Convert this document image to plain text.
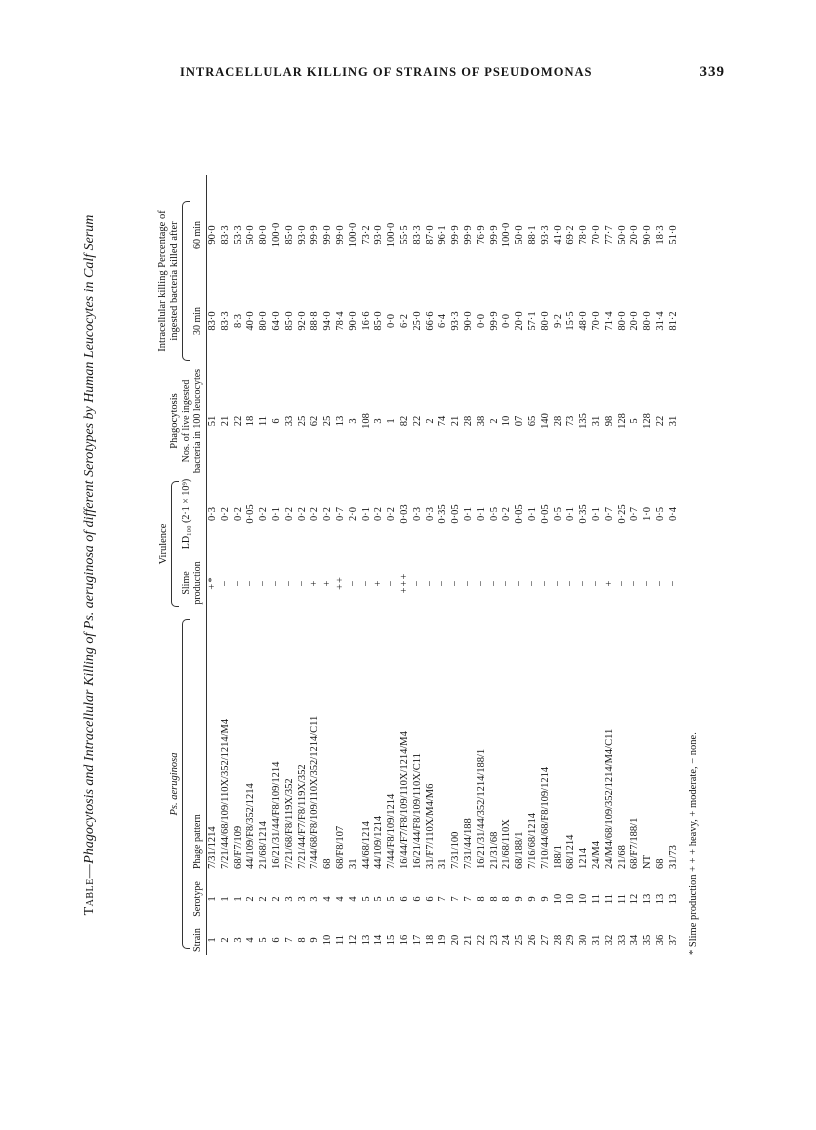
INTRACELLULAR KILLING OF STRAINS OF PSEUDOMONAS	339
Table—Phagocytosis and Intracellular Killing of Ps. aeruginosa of different Serotypes by Human Leucocytes in Calf Serum	Ps. aeruginosa
Strain
Serotype
Phage pattern
Virulence
Slime production
LD₁₀₀ (2·1 × 10⁹)
Phagocytosis Nos. of live ingested bacteria in 100 leucocytes
Intracellular killing Percentage of ingested bacteria killed after 30 min
60 min
1
1
7/31/1214
+*
0·3
51
83·0
90·0
2
1
7/21/44/68/109/110X/352/1214/M4
−
0·2
21
83·3
83·3
3
1
68/F7/109
−
0·2
22
8·3
53·3
4
2
44/109/F8/352/1214
−
0·05
18
40·0
50·0
5
2
21/68/1214
−
0·2
11
80·0
80·0
6
2
16/21/31/44/F8/109/1214
−
0·1
6
64·0
100·0
7
3
7/21/68/F8/119X/352
−
0·2
33
85·0
85·0
8
3
7/21/44/F7/F8/119X/352
−
0·2
25
92·0
93·0
9
3
7/44/68/F8/109/110X/352/1214/C11
+
0·2
62
88·8
99·9
10
4
68
+
0·2
25
94·0
99·0
11
4
68/F8/107
++
0·7
13
78·4
99·0
12
4
31
−
2·0
3
90·0
100·0
13
5
44/68/1214
−
0·1
108
16·6
73·2
14
5
44/109/1214
+
0·2
3
85·0
93·0
15
5
7/44/F8/109/1214
−
0·2
1
0·0
100·0
16
6
16/44/F7/F8/109/110X/1214/M4
+++
0·03
82
6·2
55·5
17
6
16/21/44/F8/109/110X/C11
−
0·3
22
25·0
83·3
18
6
31/F7/110X/M4/M6
−
0·3
2
66·6
87·0
19
7
31
−
0·35
74
6·4
96·1
20
7
7/31/100
−
0·05
21
93·3
99·9
21
7
7/31/44/188
−
0·1
28
90·0
99·9
22
8
16/21/31/44/352/1214/188/1
−
0·1
38
0·0
76·9
23
8
21/31/68
−
0·5
2
99·9
99·9
24
8
21/68/110X
−
0·2
10
0·0
100·0
25
9
68/188/1
−
0·05
07
20·0
50·0
26
9
7/16/68/1214
−
0·1
65
57·1
88·1
27
9
7/10/44/68/F8/109/1214
−
0·05
140
80·0
93·3
28
10
188/1
−
0·5
28
9·2
41·0
29
10
68/1214
−
0·1
73
15·5
69·2
30
10
1214
−
0·35
135
48·0
78·0
31
11
24/M4
−
0·1
31
70·0
70·0
32
11
24/M4/68/109/352/1214/M4/C11
+
0·7
98
71·4
77·7
33
11
21/68
−
0·25
128
80·0
50·0
34
12
68/F7/188/1
−
0·7
5
20·0
20·0
35
13
NT
−
1·0
128
80·0
90·0
36
13
68
−
0·5
22
31·4
18·3
37
13
31/73
−
0·4
31
81·2
51·0
* Slime production + + + heavy, + moderate, − none.
